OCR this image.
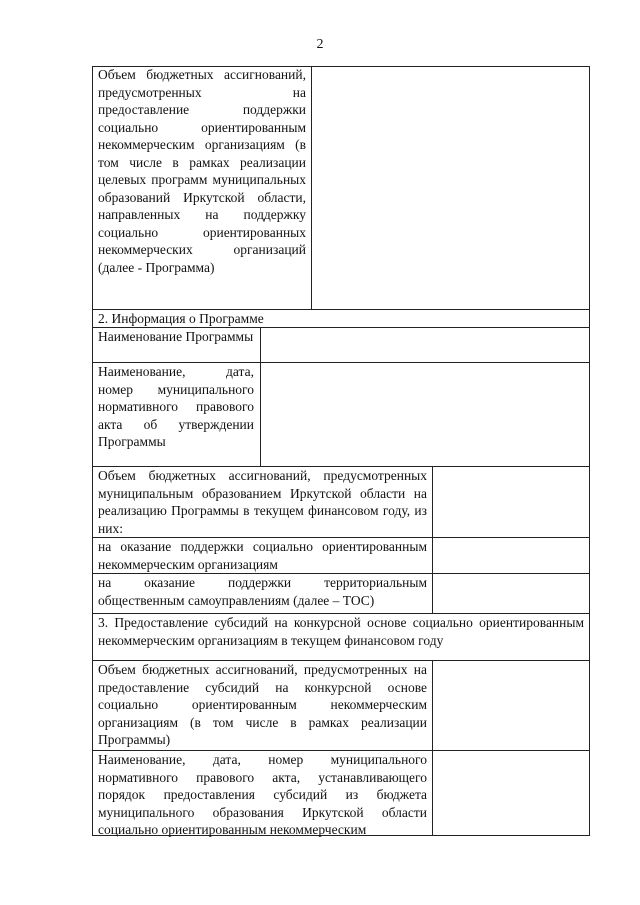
2
Объем бюджетных ассигнований, предусмотренных на предоставление поддержки социально ориентированным некоммерческим организациям (в том числе в рамках реализации целевых программ муниципальных образований Иркутской области, направленных на поддержку социально ориентированных некоммерческих организаций (далее - Программа)
2. Информация о Программе
Наименование Программы
Наименование, дата, номер муниципального нормативного правового акта об утверждении Программы
Объем бюджетных ассигнований, предусмотренных муниципальным образованием Иркутской области на реализацию Программы в текущем финансовом году, из них:
на оказание поддержки социально ориентированным некоммерческим организациям
на оказание поддержки территориальным общественным самоуправлениям (далее – ТОС)
3. Предоставление субсидий на конкурсной основе социально ориентированным некоммерческим организациям в текущем финансовом году
Объем бюджетных ассигнований, предусмотренных на предоставление субсидий на конкурсной основе социально ориентированным некоммерческим организациям (в том числе в рамках реализации Программы)
Наименование, дата, номер муниципального нормативного правового акта, устанавливающего порядок предоставления субсидий из бюджета муниципального образования Иркутской области социально ориентированным некоммерческим
